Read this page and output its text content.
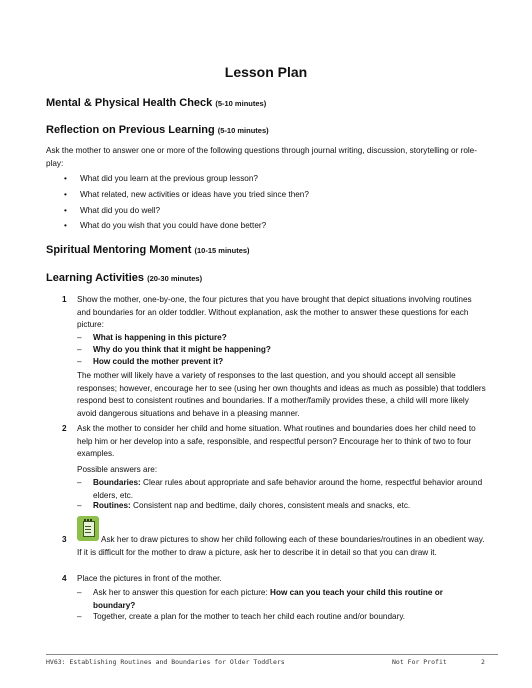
Lesson Plan
Mental & Physical Health Check (5-10 minutes)
Reflection on Previous Learning (5-10 minutes)
Ask the mother to answer one or more of the following questions through journal writing, discussion, storytelling or role-play:
• What did you learn at the previous group lesson?
• What related, new activities or ideas have you tried since then?
• What did you do well?
• What do you wish that you could have done better?
Spiritual Mentoring Moment (10-15 minutes)
Learning Activities (20-30 minutes)
1 Show the mother, one-by-one, the four pictures that you have brought that depict situations involving routines and boundaries for an older toddler. Without explanation, ask the mother to answer these questions for each picture:
– What is happening in this picture?
– Why do you think that it might be happening?
– How could the mother prevent it?
The mother will likely have a variety of responses to the last question, and you should accept all sensible responses; however, encourage her to see (using her own thoughts and ideas as much as possible) that toddlers respond best to consistent routines and boundaries. If a mother/family provides these, a child will more likely avoid dangerous situations and behave in a pleasing manner.
2 Ask the mother to consider her child and home situation. What routines and boundaries does her child need to help him or her develop into a safe, responsible, and respectful person? Encourage her to think of two to four examples.
Possible answers are:
– Boundaries: Clear rules about appropriate and safe behavior around the home, respectful behavior around elders, etc.
– Routines: Consistent nap and bedtime, daily chores, consistent meals and snacks, etc.
3	Ask her to draw pictures to show her child following each of these boundaries/routines in an obedient way. If it is difficult for the mother to draw a picture, ask her to describe it in detail so that you can draw it.
4 Place the pictures in front of the mother.
– Ask her to answer this question for each picture: How can you teach your child this routine or boundary?
– Together, create a plan for the mother to teach her child each routine and/or boundary.
HV63: Establishing Routines and Boundaries for Older Toddlers	Not For Profit	2
